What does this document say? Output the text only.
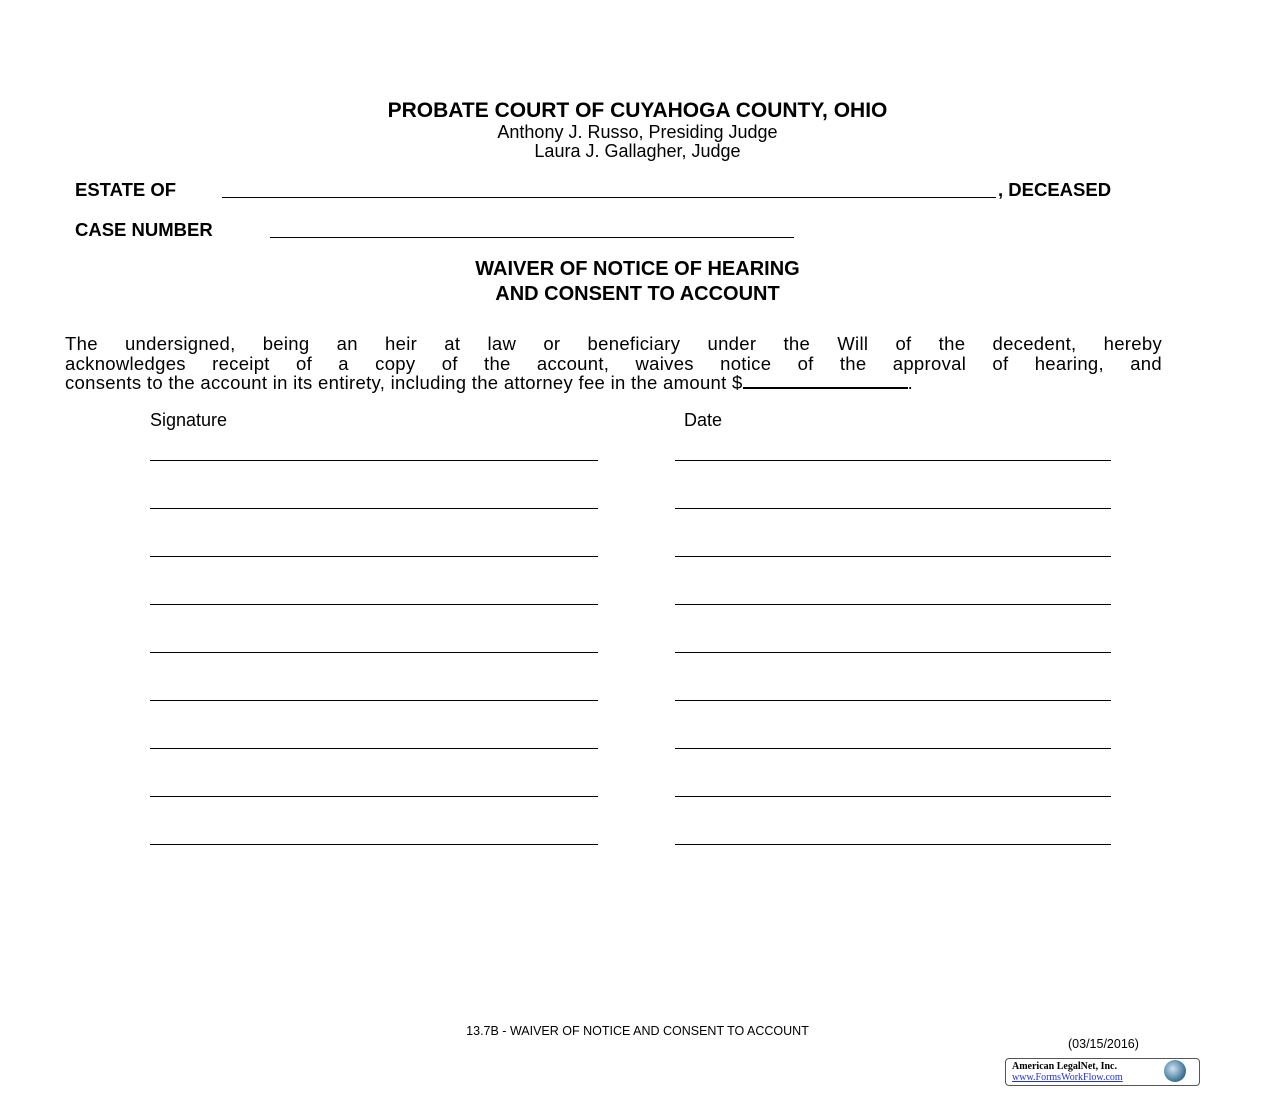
PROBATE COURT OF CUYAHOGA COUNTY, OHIO
Anthony J. Russo, Presiding Judge
Laura J. Gallagher, Judge
ESTATE OF	, DECEASED
CASE NUMBER
WAIVER OF NOTICE OF HEARING
AND CONSENT TO ACCOUNT
The undersigned, being an heir at law or beneficiary under the Will of the decedent, hereby
acknowledges receipt of a copy of the account, waives notice of the approval of hearing, and
consents to the account in its entirety, including the attorney fee in the amount $	.
Signature	Date
13.7B - WAIVER OF NOTICE AND CONSENT TO ACCOUNT
(03/15/2016)
American LegalNet, Inc.
www.FormsWorkFlow.com
